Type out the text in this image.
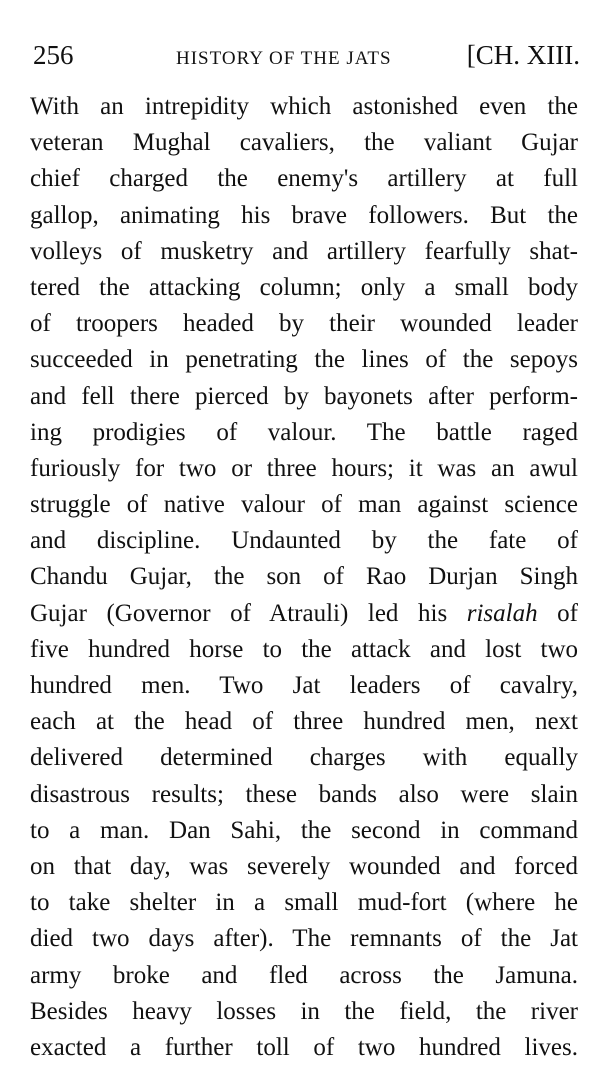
256	HISTORY OF THE JATS	[CH. XIII.
With an intrepidity which astonished even the
veteran Mughal cavaliers, the valiant Gujar
chief charged the enemy's artillery at full
gallop, animating his brave followers. But the
volleys of musketry and artillery fearfully shat-
tered the attacking column; only a small body
of troopers headed by their wounded leader
succeeded in penetrating the lines of the sepoys
and fell there pierced by bayonets after perform-
ing prodigies of valour. The battle raged
furiously for two or three hours; it was an awul
struggle of native valour of man against science
and discipline. Undaunted by the fate of
Chandu Gujar, the son of Rao Durjan Singh
Gujar (Governor of Atrauli) led his risalah of
five hundred horse to the attack and lost two
hundred men. Two Jat leaders of cavalry,
each at the head of three hundred men, next
delivered determined charges with equally
disastrous results; these bands also were slain
to a man. Dan Sahi, the second in command
on that day, was severely wounded and forced
to take shelter in a small mud-fort (where he
died two days after). The remnants of the Jat
army broke and fled across the Jamuna.
Besides heavy losses in the field, the river
exacted a further toll of two hundred lives.
